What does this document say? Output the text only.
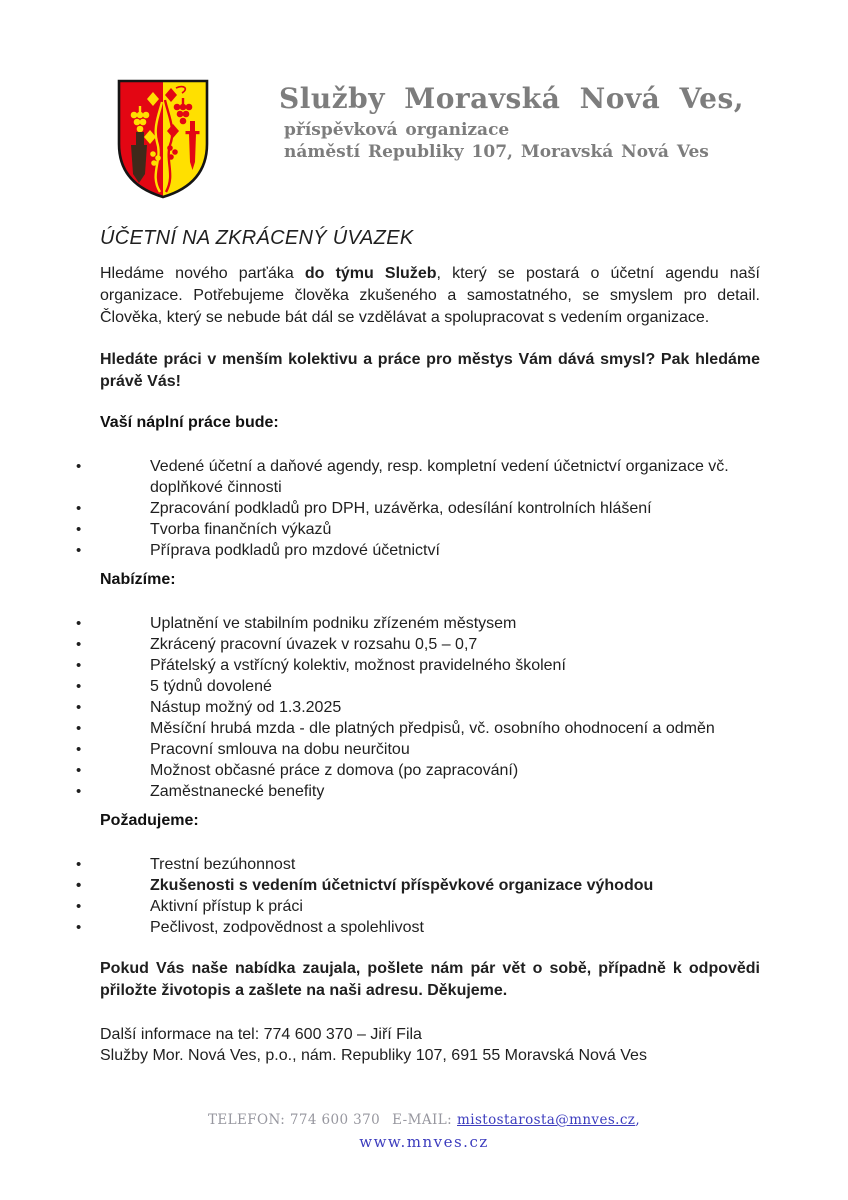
Služby Moravská Nová Ves,
příspěvková organizace
náměstí Republiky 107, Moravská Nová Ves
ÚČETNÍ NA ZKRÁCENÝ ÚVAZEK

Hledáme nového parťáka do týmu Služeb, který se postará o účetní agendu naší organizace. Potřebujeme člověka zkušeného a samostatného, se smyslem pro detail. Člověka, který se nebude bát dál se vzdělávat a spolupracovat s vedením organizace.

Hledáte práci v menším kolektivu a práce pro městys Vám dává smysl? Pak hledáme právě Vás!

Vaší náplní práce bude:
•	Vedené účetní a daňové agendy, resp. kompletní vedení účetnictví organizace vč. doplňkové činnosti
•	Zpracování podkladů pro DPH, uzávěrka, odesílání kontrolních hlášení
•	Tvorba finančních výkazů
•	Příprava podkladů pro mzdové účetnictví
Nabízíme:
•	Uplatnění ve stabilním podniku zřízeném městysem
•	Zkrácený pracovní úvazek v rozsahu 0,5 – 0,7
•	Přátelský a vstřícný kolektiv, možnost pravidelného školení
•	5 týdnů dovolené
•	Nástup možný od 1.3.2025
•	Měsíční hrubá mzda - dle platných předpisů, vč. osobního ohodnocení a odměn
•	Pracovní smlouva na dobu neurčitou
•	Možnost občasné práce z domova (po zapracování)
•	Zaměstnanecké benefity
Požadujeme:
•	Trestní bezúhonnost
•	Zkušenosti s vedením účetnictví příspěvkové organizace výhodou
•	Aktivní přístup k práci
•	Pečlivost, zodpovědnost a spolehlivost

Pokud Vás naše nabídka zaujala, pošlete nám pár vět o sobě, případně k odpovědi přiložte životopis a zašlete na naši adresu. Děkujeme.

Další informace na tel: 774 600 370 – Jiří Fila

Služby Mor. Nová Ves, p.o., nám. Republiky 107, 691 55 Moravská Nová Ves

TELEFON: 774 600 370 E-MAIL: mistostarosta@mnves.cz,
www.mnves.cz
